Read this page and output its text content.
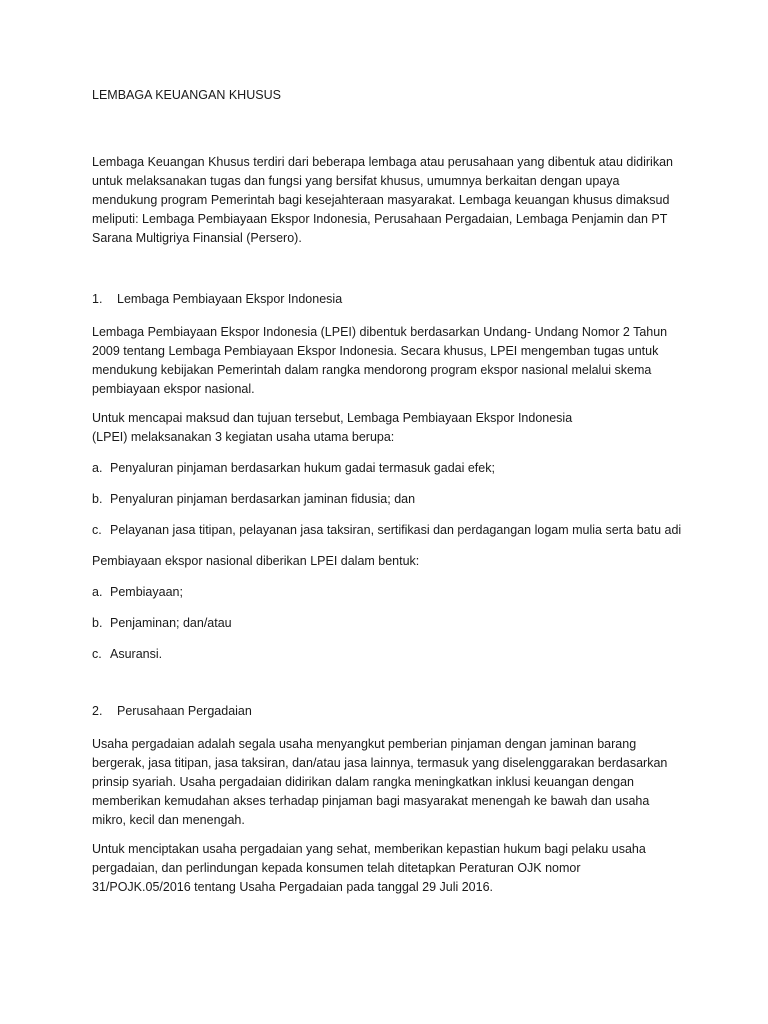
LEMBAGA KEUANGAN KHUSUS

Lembaga Keuangan Khusus terdiri dari beberapa lembaga atau perusahaan yang dibentuk atau didirikan untuk melaksanakan tugas dan fungsi yang bersifat khusus, umumnya berkaitan dengan upaya mendukung program Pemerintah bagi kesejahteraan masyarakat. Lembaga keuangan khusus dimaksud meliputi: Lembaga Pembiayaan Ekspor Indonesia, Perusahaan Pergadaian, Lembaga Penjamin dan PT Sarana Multigriya Finansial (Persero).

1. Lembaga Pembiayaan Ekspor Indonesia

Lembaga Pembiayaan Ekspor Indonesia (LPEI) dibentuk berdasarkan Undang- Undang Nomor 2 Tahun 2009 tentang Lembaga Pembiayaan Ekspor Indonesia. Secara khusus, LPEI mengemban tugas untuk mendukung kebijakan Pemerintah dalam rangka mendorong program ekspor nasional melalui skema pembiayaan ekspor nasional.

Untuk mencapai maksud dan tujuan tersebut, Lembaga Pembiayaan Ekspor Indonesia
(LPEI) melaksanakan 3 kegiatan usaha utama berupa:

a. Penyaluran pinjaman berdasarkan hukum gadai termasuk gadai efek;

b. Penyaluran pinjaman berdasarkan jaminan fidusia; dan

c. Pelayanan jasa titipan, pelayanan jasa taksiran, sertifikasi dan perdagangan logam mulia serta batu adi

Pembiayaan ekspor nasional diberikan LPEI dalam bentuk:

a. Pembiayaan;

b. Penjaminan; dan/atau

c. Asuransi.

2. Perusahaan Pergadaian

Usaha pergadaian adalah segala usaha menyangkut pemberian pinjaman dengan jaminan barang bergerak, jasa titipan, jasa taksiran, dan/atau jasa lainnya, termasuk yang diselenggarakan berdasarkan prinsip syariah. Usaha pergadaian didirikan dalam rangka meningkatkan inklusi keuangan dengan memberikan kemudahan akses terhadap pinjaman bagi masyarakat menengah ke bawah dan usaha mikro, kecil dan menengah.

Untuk menciptakan usaha pergadaian yang sehat, memberikan kepastian hukum bagi pelaku usaha pergadaian, dan perlindungan kepada konsumen telah ditetapkan Peraturan OJK nomor 31/POJK.05/2016 tentang Usaha Pergadaian pada tanggal 29 Juli 2016.
